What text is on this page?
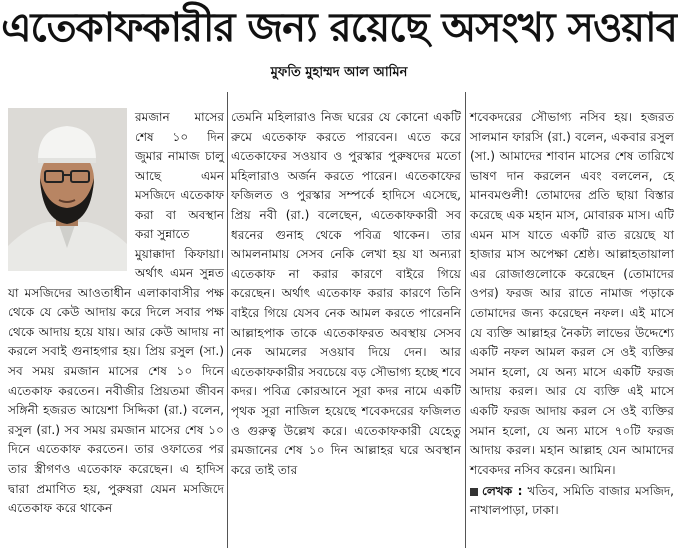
এতেকাফকারীর জন্য রয়েছে অসংখ্য সওয়াব
মুফতি মুহাম্মদ আল আমিন

রমজান মাসের শেষ ১০ দিন জুমার নামাজ চালু আছে এমন মসজিদে এতেকাফ করা বা অবস্থান করা সুন্নাতে

মুয়াক্কাদা কিফায়া। অর্থাৎ এমন সুন্নত যা মসজিদের আওতাধীন এলাকাবাসীর পক্ষ থেকে যে কেউ আদায় করে দিলে সবার পক্ষ থেকে আদায় হয়ে যায়। আর কেউ আদায় না করলে সবাই গুনাহগার হয়। প্রিয় রসুল (সা.) সব সময় রমজান মাসের শেষ ১০ দিনে এতেকাফ করতেন। নবীজীর প্রিয়তমা জীবন সঙ্গিনী হজরত আয়েশা সিদ্দিকা (রা.) বলেন, রসুল (রা.) সব সময় রমজান মাসের শেষ ১০ দিনে এতেকাফ করতেন। তার ওফাতের পর তার স্ত্রীগণও এতেকাফ করেছেন। এ হাদিস দ্বারা প্রমাণিত হয়, পুরুষরা যেমন মসজিদে এতেকাফ করে থাকেন

তেমনি মহিলারাও নিজ ঘরের যে কোনো একটি রুমে এতেকাফ করতে পারবেন। এতে করে এতেকাফের সওয়াব ও পুরস্কার পুরুষদের মতো মহিলারাও অর্জন করতে পারেন। এতেকাফের ফজিলত ও পুরস্কার সম্পর্কে হাদিসে এসেছে, প্রিয় নবী (রা.) বলেছেন, এতেকাফকারী সব ধরনের গুনাহ থেকে পবিত্র থাকেন। তার আমলনামায় সেসব নেকি লেখা হয় যা অন্যরা এতেকাফ না করার কারণে বাইরে গিয়ে করেছেন। অর্থাৎ এতেকাফ করার কারণে তিনি বাইরে গিয়ে যেসব নেক আমল করতে পারেননি আল্লাহপাক তাকে এতেকাফরত অবস্থায় সেসব নেক আমলের সওয়াব দিয়ে দেন। আর এতেকাফকারীর সবচেয়ে বড় সৌভাগ্য হচ্ছে শবে কদর। পবিত্র কোরআনে সূরা কদর নামে একটি পৃথক সূরা নাজিল হয়েছে শবেকদরের ফজিলত ও গুরুত্ব উল্লেখ করে। এতেকাফকারী যেহেতু রমজানের শেষ ১০ দিন আল্লাহর ঘরে অবস্থান করে তাই তার

শবেকদরের সৌভাগ্য নসিব হয়। হজরত সালমান ফারসি (রা.) বলেন, একবার রসুল (সা.) আমাদের শাবান মাসের শেষ তারিখে ভাষণ দান করলেন এবং বললেন, হে মানবমণ্ডলী! তোমাদের প্রতি ছায়া বিস্তার করেছে এক মহান মাস, মোবারক মাস। এটি এমন মাস যাতে একটি রাত রয়েছে যা হাজার মাস অপেক্ষা শ্রেষ্ঠ। আল্লাহতায়ালা এর রোজাগুলোকে করেছেন (তোমাদের ওপর) ফরজ আর রাতে নামাজ পড়াকে তোমাদের জন্য করেছেন নফল। এই মাসে যে ব্যক্তি আল্লাহর নৈকট্য লাভের উদ্দেশ্যে একটি নফল আমল করল সে ওই ব্যক্তির সমান হলো, যে অন্য মাসে একটি ফরজ আদায় করল। আর যে ব্যক্তি এই মাসে একটি ফরজ আদায় করল সে ওই ব্যক্তির সমান হলো, যে অন্য মাসে ৭০টি ফরজ আদায় করল। মহান আল্লাহ যেন আমাদের শবেকদর নসিব করেন। আমিন।

লেখক : খতিব, সমিতি বাজার মসজিদ, নাখালপাড়া, ঢাকা।
